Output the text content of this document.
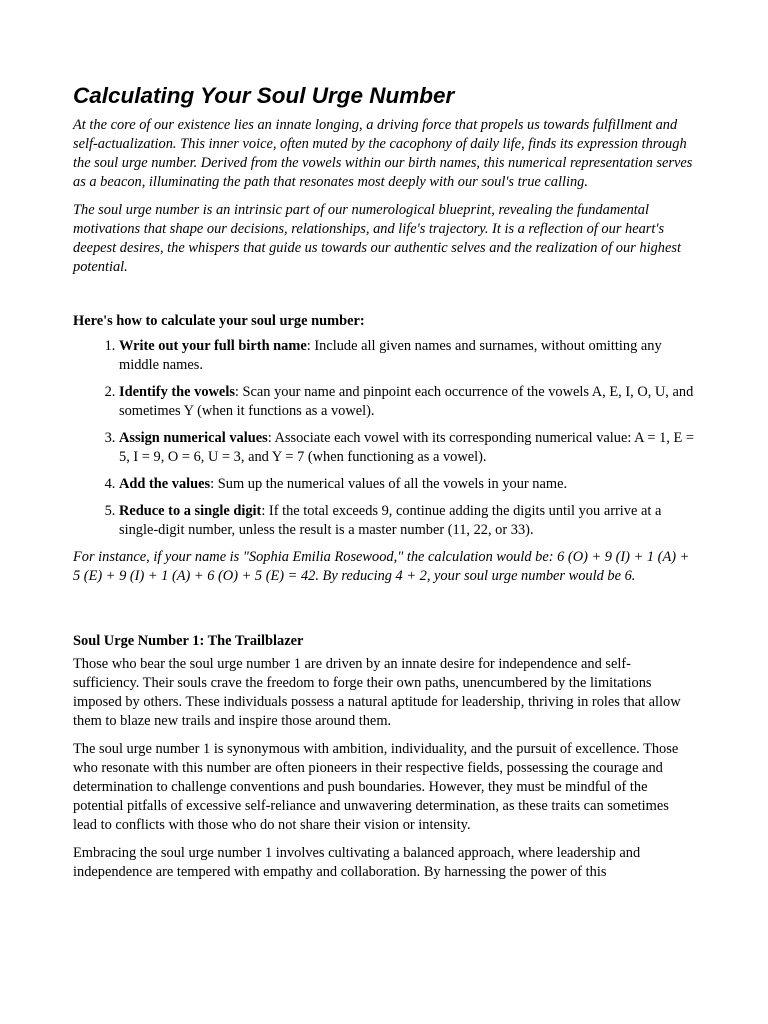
Calculating Your Soul Urge Number

At the core of our existence lies an innate longing, a driving force that propels us towards fulfillment and self-actualization. This inner voice, often muted by the cacophony of daily life, finds its expression through the soul urge number. Derived from the vowels within our birth names, this numerical representation serves as a beacon, illuminating the path that resonates most deeply with our soul's true calling.

The soul urge number is an intrinsic part of our numerological blueprint, revealing the fundamental motivations that shape our decisions, relationships, and life's trajectory. It is a reflection of our heart's deepest desires, the whispers that guide us towards our authentic selves and the realization of our highest potential.

Here's how to calculate your soul urge number:
1. Write out your full birth name: Include all given names and surnames, without omitting any middle names.
2. Identify the vowels: Scan your name and pinpoint each occurrence of the vowels A, E, I, O, U, and sometimes Y (when it functions as a vowel).
3. Assign numerical values: Associate each vowel with its corresponding numerical value: A = 1, E = 5, I = 9, O = 6, U = 3, and Y = 7 (when functioning as a vowel).
4. Add the values: Sum up the numerical values of all the vowels in your name.
5. Reduce to a single digit: If the total exceeds 9, continue adding the digits until you arrive at a single-digit number, unless the result is a master number (11, 22, or 33).

For instance, if your name is "Sophia Emilia Rosewood," the calculation would be: 6 (O) + 9 (I) + 1 (A) + 5 (E) + 9 (I) + 1 (A) + 6 (O) + 5 (E) = 42. By reducing 4 + 2, your soul urge number would be 6.

Soul Urge Number 1: The Trailblazer

Those who bear the soul urge number 1 are driven by an innate desire for independence and self-sufficiency. Their souls crave the freedom to forge their own paths, unencumbered by the limitations imposed by others. These individuals possess a natural aptitude for leadership, thriving in roles that allow them to blaze new trails and inspire those around them.

The soul urge number 1 is synonymous with ambition, individuality, and the pursuit of excellence. Those who resonate with this number are often pioneers in their respective fields, possessing the courage and determination to challenge conventions and push boundaries. However, they must be mindful of the potential pitfalls of excessive self-reliance and unwavering determination, as these traits can sometimes lead to conflicts with those who do not share their vision or intensity.

Embracing the soul urge number 1 involves cultivating a balanced approach, where leadership and independence are tempered with empathy and collaboration. By harnessing the power of this
